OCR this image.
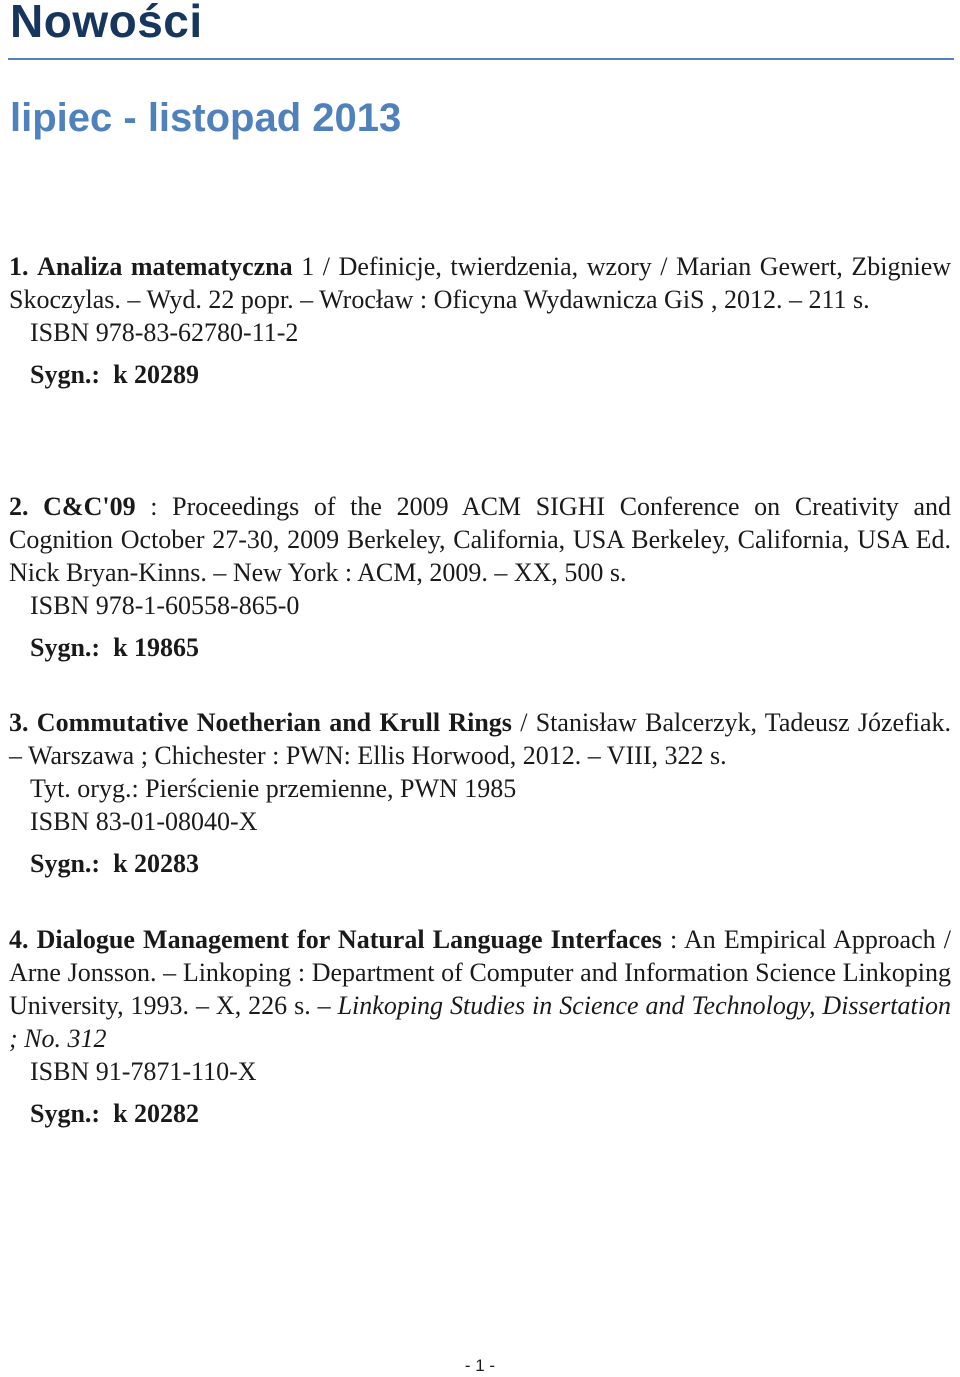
Nowości
lipiec - listopad 2013

1. Analiza matematyczna 1 / Definicje, twierdzenia, wzory / Marian Gewert, Zbigniew Skoczylas. – Wyd. 22 popr. – Wrocław : Oficyna Wydawnicza GiS , 2012. – 211 s.

ISBN 978-83-62780-11-2

Sygn.: k 20289

2. C&C'09 : Proceedings of the 2009 ACM SIGHI Conference on Creativity and Cognition October 27-30, 2009 Berkeley, California, USA Berkeley, California, USA Ed. Nick Bryan-Kinns. – New York : ACM, 2009. – XX, 500 s.

ISBN 978-1-60558-865-0

Sygn.: k 19865

3. Commutative Noetherian and Krull Rings / Stanisław Balcerzyk, Tadeusz Józefiak. – Warszawa ; Chichester : PWN: Ellis Horwood, 2012. – VIII, 322 s.

Tyt. oryg.: Pierścienie przemienne, PWN 1985

ISBN 83-01-08040-X

Sygn.: k 20283

4. Dialogue Management for Natural Language Interfaces : An Empirical Approach / Arne Jonsson. – Linkoping : Department of Computer and Information Science Linkoping University, 1993. – X, 226 s. – Linkoping Studies in Science and Technology, Dissertation ; No. 312

ISBN 91-7871-110-X

Sygn.: k 20282

- 1 -
